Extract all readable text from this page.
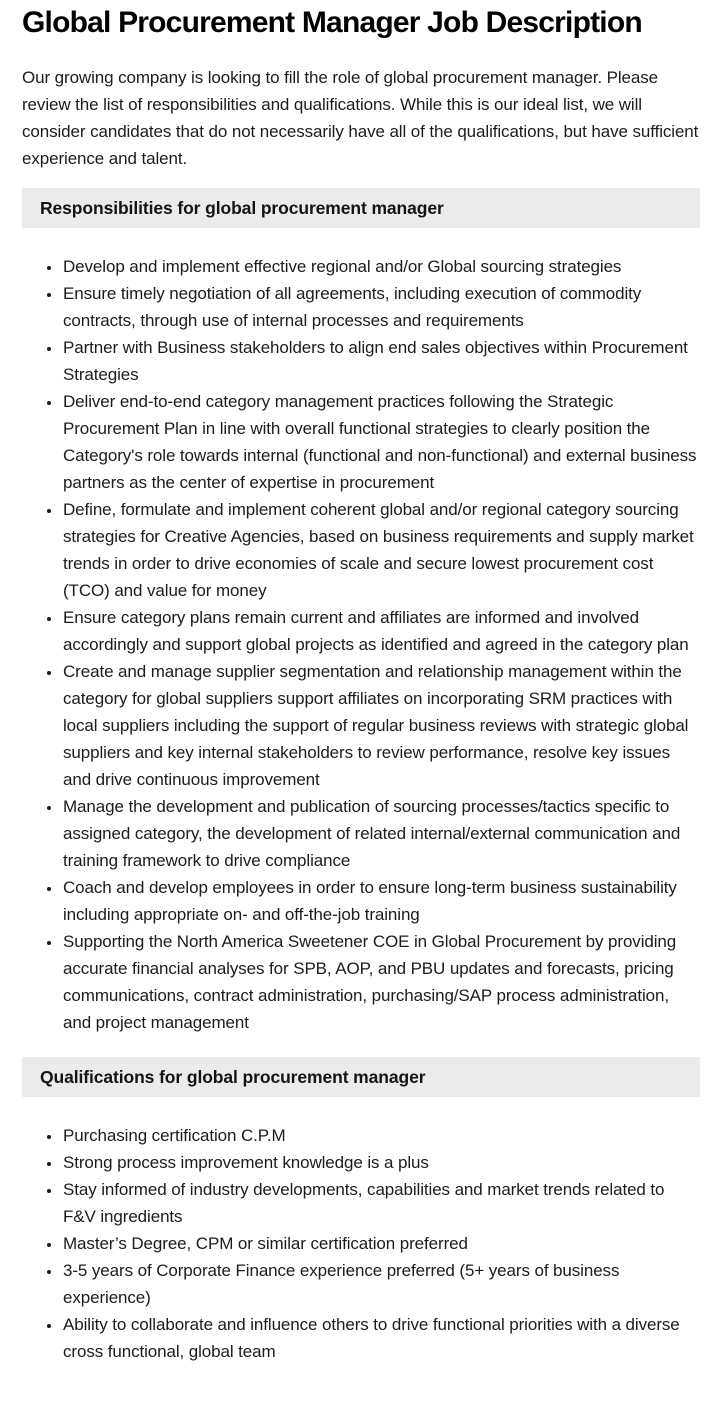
Global Procurement Manager Job Description

Our growing company is looking to fill the role of global procurement manager. Please review the list of responsibilities and qualifications. While this is our ideal list, we will consider candidates that do not necessarily have all of the qualifications, but have sufficient experience and talent.

Responsibilities for global procurement manager
• Develop and implement effective regional and/or Global sourcing strategies
• Ensure timely negotiation of all agreements, including execution of commodity contracts, through use of internal processes and requirements
• Partner with Business stakeholders to align end sales objectives within Procurement Strategies
• Deliver end-to-end category management practices following the Strategic Procurement Plan in line with overall functional strategies to clearly position the Category's role towards internal (functional and non-functional) and external business partners as the center of expertise in procurement
• Define, formulate and implement coherent global and/or regional category sourcing strategies for Creative Agencies, based on business requirements and supply market trends in order to drive economies of scale and secure lowest procurement cost (TCO) and value for money
• Ensure category plans remain current and affiliates are informed and involved accordingly and support global projects as identified and agreed in the category plan
• Create and manage supplier segmentation and relationship management within the category for global suppliers support affiliates on incorporating SRM practices with local suppliers including the support of regular business reviews with strategic global suppliers and key internal stakeholders to review performance, resolve key issues and drive continuous improvement
• Manage the development and publication of sourcing processes/tactics specific to assigned category, the development of related internal/external communication and training framework to drive compliance
• Coach and develop employees in order to ensure long-term business sustainability including appropriate on- and off-the-job training
• Supporting the North America Sweetener COE in Global Procurement by providing accurate financial analyses for SPB, AOP, and PBU updates and forecasts, pricing communications, contract administration, purchasing/SAP process administration, and project management
Qualifications for global procurement manager
• Purchasing certification C.P.M
• Strong process improvement knowledge is a plus
• Stay informed of industry developments, capabilities and market trends related to F&V ingredients
• Master’s Degree, CPM or similar certification preferred
• 3-5 years of Corporate Finance experience preferred (5+ years of business experience)
• Ability to collaborate and influence others to drive functional priorities with a diverse cross functional, global team
